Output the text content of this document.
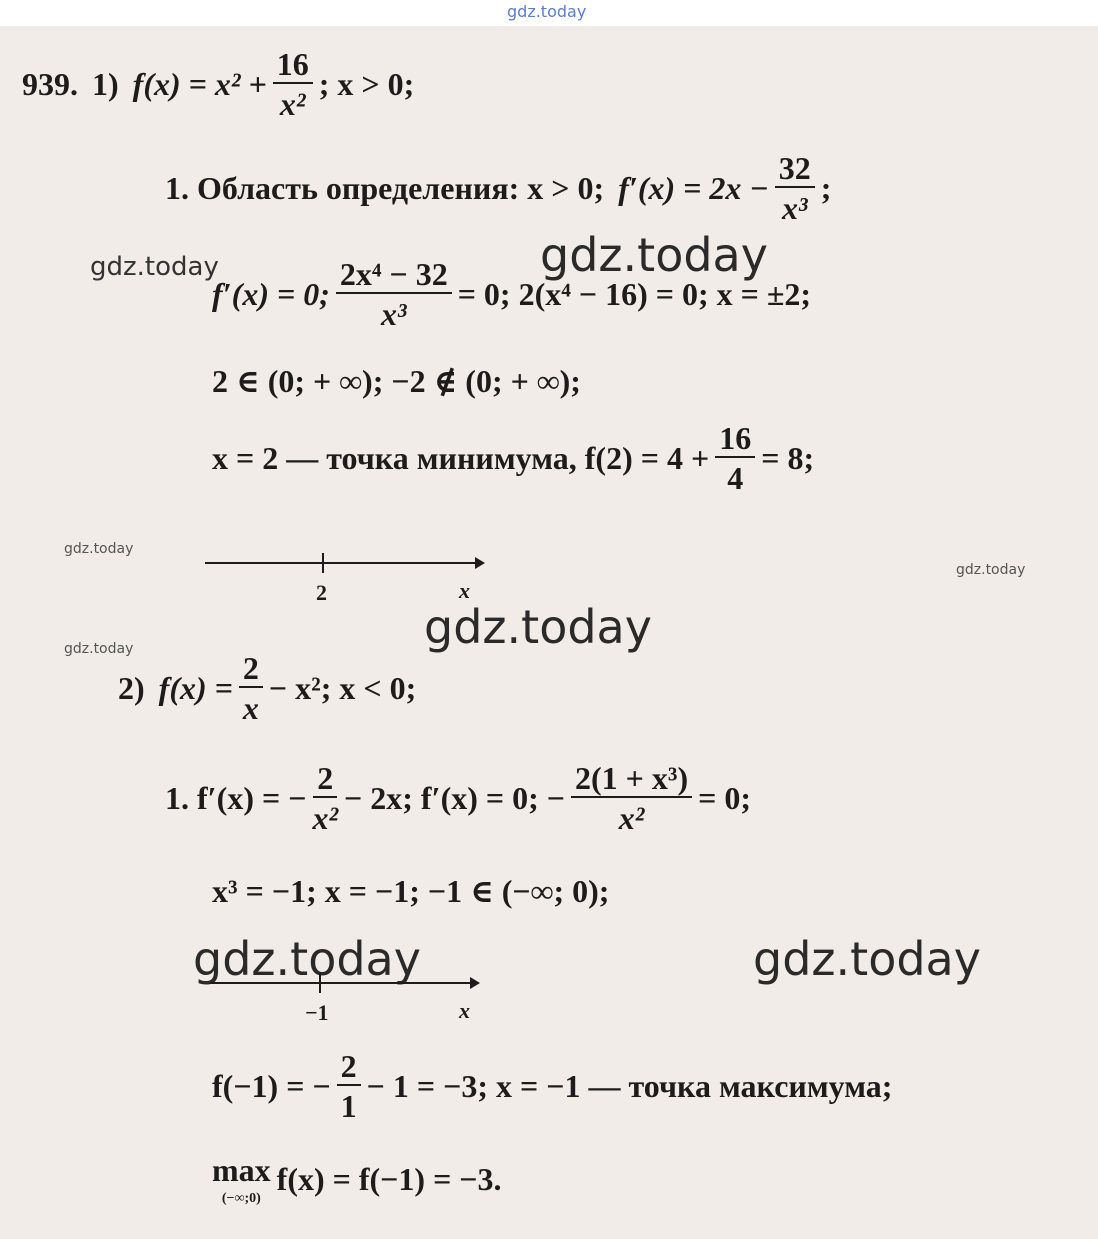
gdz.today
939. 1) $f(x) = x^2 + \frac{16}{\text{x²}}$ ; x > 0;
1. Область определения: x > 0; $f'(x) = 2x - \frac{32}{\text{x³}}$ ;
gdz.today	gdz.today
f′(x) = 0; $\frac{\text{2x⁴ − 32}}{\text{x³}} = 0$; 2(x⁴ − 16) = 0; x = ±2;
2 ∈ (0; + ∞); −2 ∉ (0; + ∞);
x = 2 — точка минимума, $f(2) = 4 + \frac{16}{4} = 8$;
gdz.today
gdz.today
2	x
gdz.today
gdz.today
2) $f(x) = \frac{2}{x} - x^2$; x < 0;
1. f′(x) = − $\frac{2}{\text{x²}} - 2x$; f′(x) = 0; − $\frac{\text{2(1 + x³)}}{\text{x²}} = 0$;
x³ = −1; x = −1; −1 ∈ (−∞; 0);
gdz.today	gdz.today
−1	x
f(−1) = − $\frac{2}{1} - 1 = -3$; x = −1 — точка максимума;
max
(−∞;0)
f(x) = f(−1) = −3.
